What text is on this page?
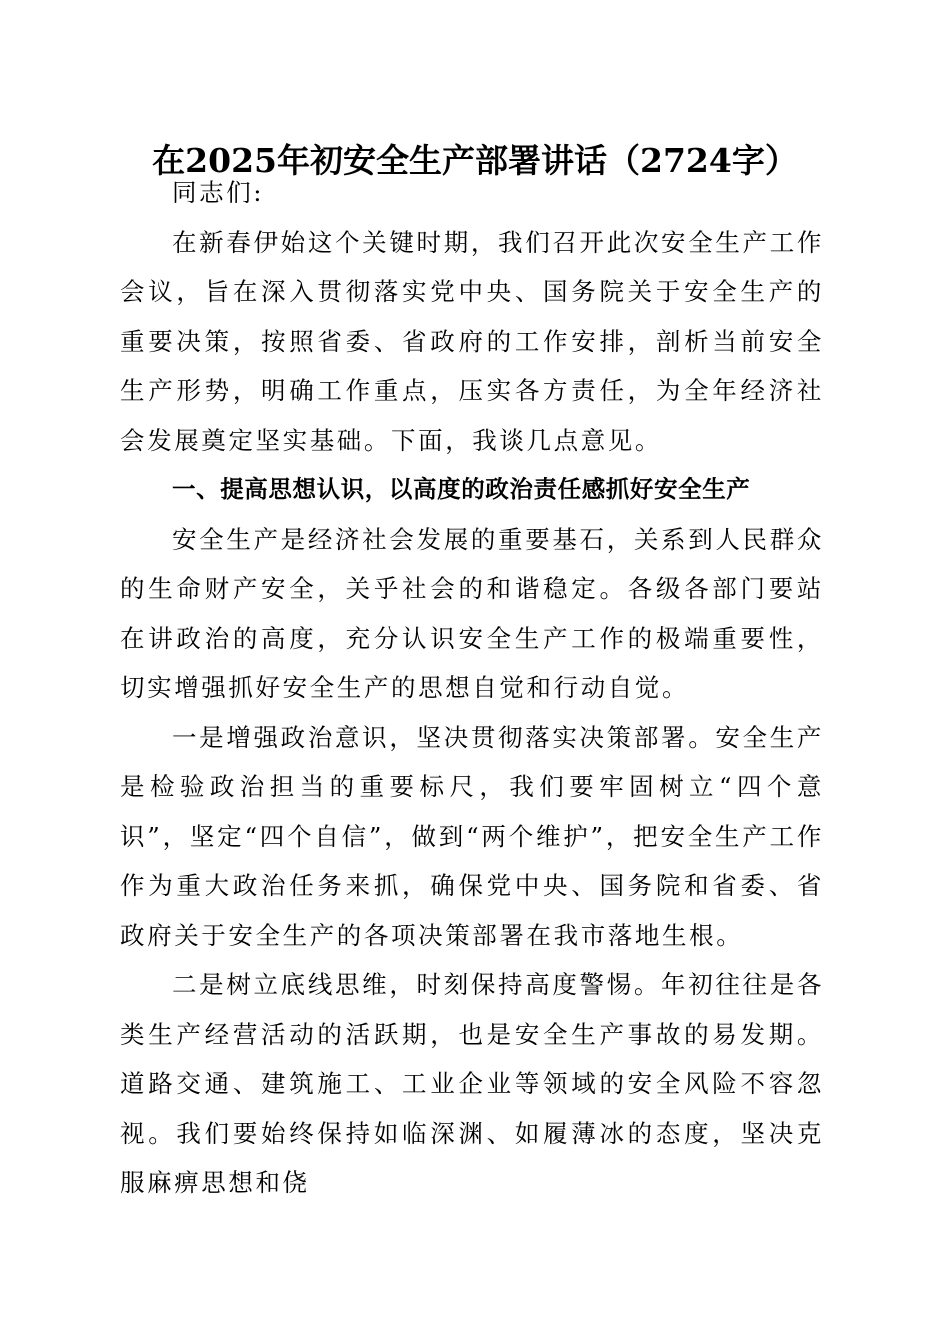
在2025年初安全生产部署讲话（2724字）

同志们:

在新春伊始这个关键时期，我们召开此次安全生产工作会议，旨在深入贯彻落实党中央、国务院关于安全生产的重要决策，按照省委、省政府的工作安排，剖析当前安全生产形势，明确工作重点，压实各方责任，为全年经济社会发展奠定坚实基础。下面，我谈几点意见。

一、提高思想认识，以高度的政治责任感抓好安全生产

安全生产是经济社会发展的重要基石，关系到人民群众的生命财产安全，关乎社会的和谐稳定。各级各部门要站在讲政治的高度，充分认识安全生产工作的极端重要性，切实增强抓好安全生产的思想自觉和行动自觉。

一是增强政治意识，坚决贯彻落实决策部署。安全生产是检验政治担当的重要标尺，我们要牢固树立“四个意识”，坚定“四个自信”，做到“两个维护”，把安全生产工作作为重大政治任务来抓，确保党中央、国务院和省委、省政府关于安全生产的各项决策部署在我市落地生根。

二是树立底线思维，时刻保持高度警惕。年初往往是各类生产经营活动的活跃期，也是安全生产事故的易发期。道路交通、建筑施工、工业企业等领域的安全风险不容忽视。我们要始终保持如临深渊、如履薄冰的态度，坚决克服麻痹思想和侥
